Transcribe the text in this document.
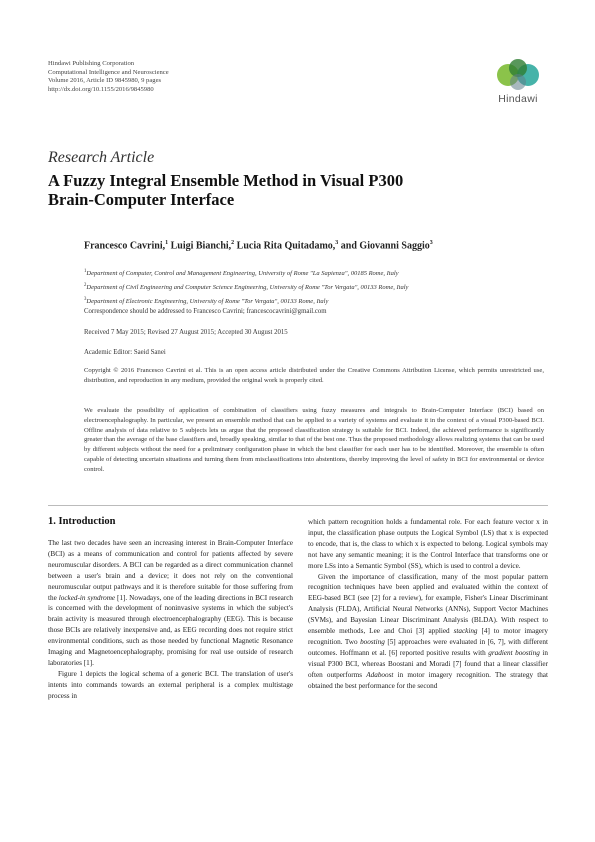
Hindawi Publishing Corporation
Computational Intelligence and Neuroscience
Volume 2016, Article ID 9845980, 9 pages
http://dx.doi.org/10.1155/2016/9845980
Hindawi
Research Article
A Fuzzy Integral Ensemble Method in Visual P300
Brain-Computer Interface
Francesco Cavrini,$^1$ Luigi Bianchi,$^2$ Lucia Rita Quitadamo,$^3$ and Giovanni Saggio$^3$
$^1$Department of Computer, Control and Management Engineering, University of Rome "La Sapienza", 00185 Rome, Italy
$^2$Department of Civil Engineering and Computer Science Engineering, University of Rome "Tor Vergata", 00133 Rome, Italy
$^3$Department of Electronic Engineering, University of Rome "Tor Vergata", 00133 Rome, Italy
Correspondence should be addressed to Francesco Cavrini; francescocavrini@gmail.com
Received 7 May 2015; Revised 27 August 2015; Accepted 30 August 2015
Academic Editor: Saeid Sanei
Copyright © 2016 Francesco Cavrini et al. This is an open access article distributed under the Creative Commons Attribution License, which permits unrestricted use, distribution, and reproduction in any medium, provided the original work is properly cited.
We evaluate the possibility of application of combination of classifiers using fuzzy measures and integrals to Brain-Computer Interface (BCI) based on electroencephalography. In particular, we present an ensemble method that can be applied to a variety of systems and evaluate it in the context of a visual P300-based BCI. Offline analysis of data relative to 5 subjects lets us argue that the proposed classification strategy is suitable for BCI. Indeed, the achieved performance is significantly greater than the average of the base classifiers and, broadly speaking, similar to that of the best one. Thus the proposed methodology allows realizing systems that can be used by different subjects without the need for a preliminary configuration phase in which the best classifier for each user has to be identified. Moreover, the ensemble is often capable of detecting uncertain situations and turning them from misclassifications into abstentions, thereby improving the level of safety in BCI for environmental or device control.
1. Introduction

The last two decades have seen an increasing interest in Brain-Computer Interface (BCI) as a means of communication and control for patients affected by severe neuromuscular disorders. A BCI can be regarded as a direct communication channel between a user's brain and a device; it does not rely on the conventional neuromuscular output pathways and it is therefore suitable for those suffering from the locked-in syndrome [1]. Nowadays, one of the leading directions in BCI research is concerned with the development of noninvasive systems in which the subject's brain activity is measured through electroencephalography (EEG). This is because those BCIs are relatively inexpensive and, as EEG recording does not require strict environmental conditions, such as those needed by functional Magnetic Resonance Imaging and Magnetoencephalography, promising for real use outside of research laboratories [1].

Figure 1 depicts the logical schema of a generic BCI. The translation of user's intents into commands towards an external peripheral is a complex multistage process in

which pattern recognition holds a fundamental role. For each feature vector x in input, the classification phase outputs the Logical Symbol (LS) that x is expected to encode, that is, the class to which x is expected to belong. Logical symbols may not have any semantic meaning; it is the Control Interface that transforms one or more LSs into a Semantic Symbol (SS), which is used to control a device.

Given the importance of classification, many of the most popular pattern recognition techniques have been applied and evaluated within the context of EEG-based BCI (see [2] for a review), for example, Fisher's Linear Discriminant Analysis (FLDA), Artificial Neural Networks (ANNs), Support Vector Machines (SVMs), and Bayesian Linear Discriminant Analysis (BLDA). With respect to ensemble methods, Lee and Choi [3] applied stacking [4] to motor imagery recognition. Two boosting [5] approaches were evaluated in [6, 7], with different outcomes. Hoffmann et al. [6] reported positive results with gradient boosting in visual P300 BCI, whereas Boostani and Moradi [7] found that a linear classifier often outperforms Adaboost in motor imagery recognition. The strategy that obtained the best performance for the second
